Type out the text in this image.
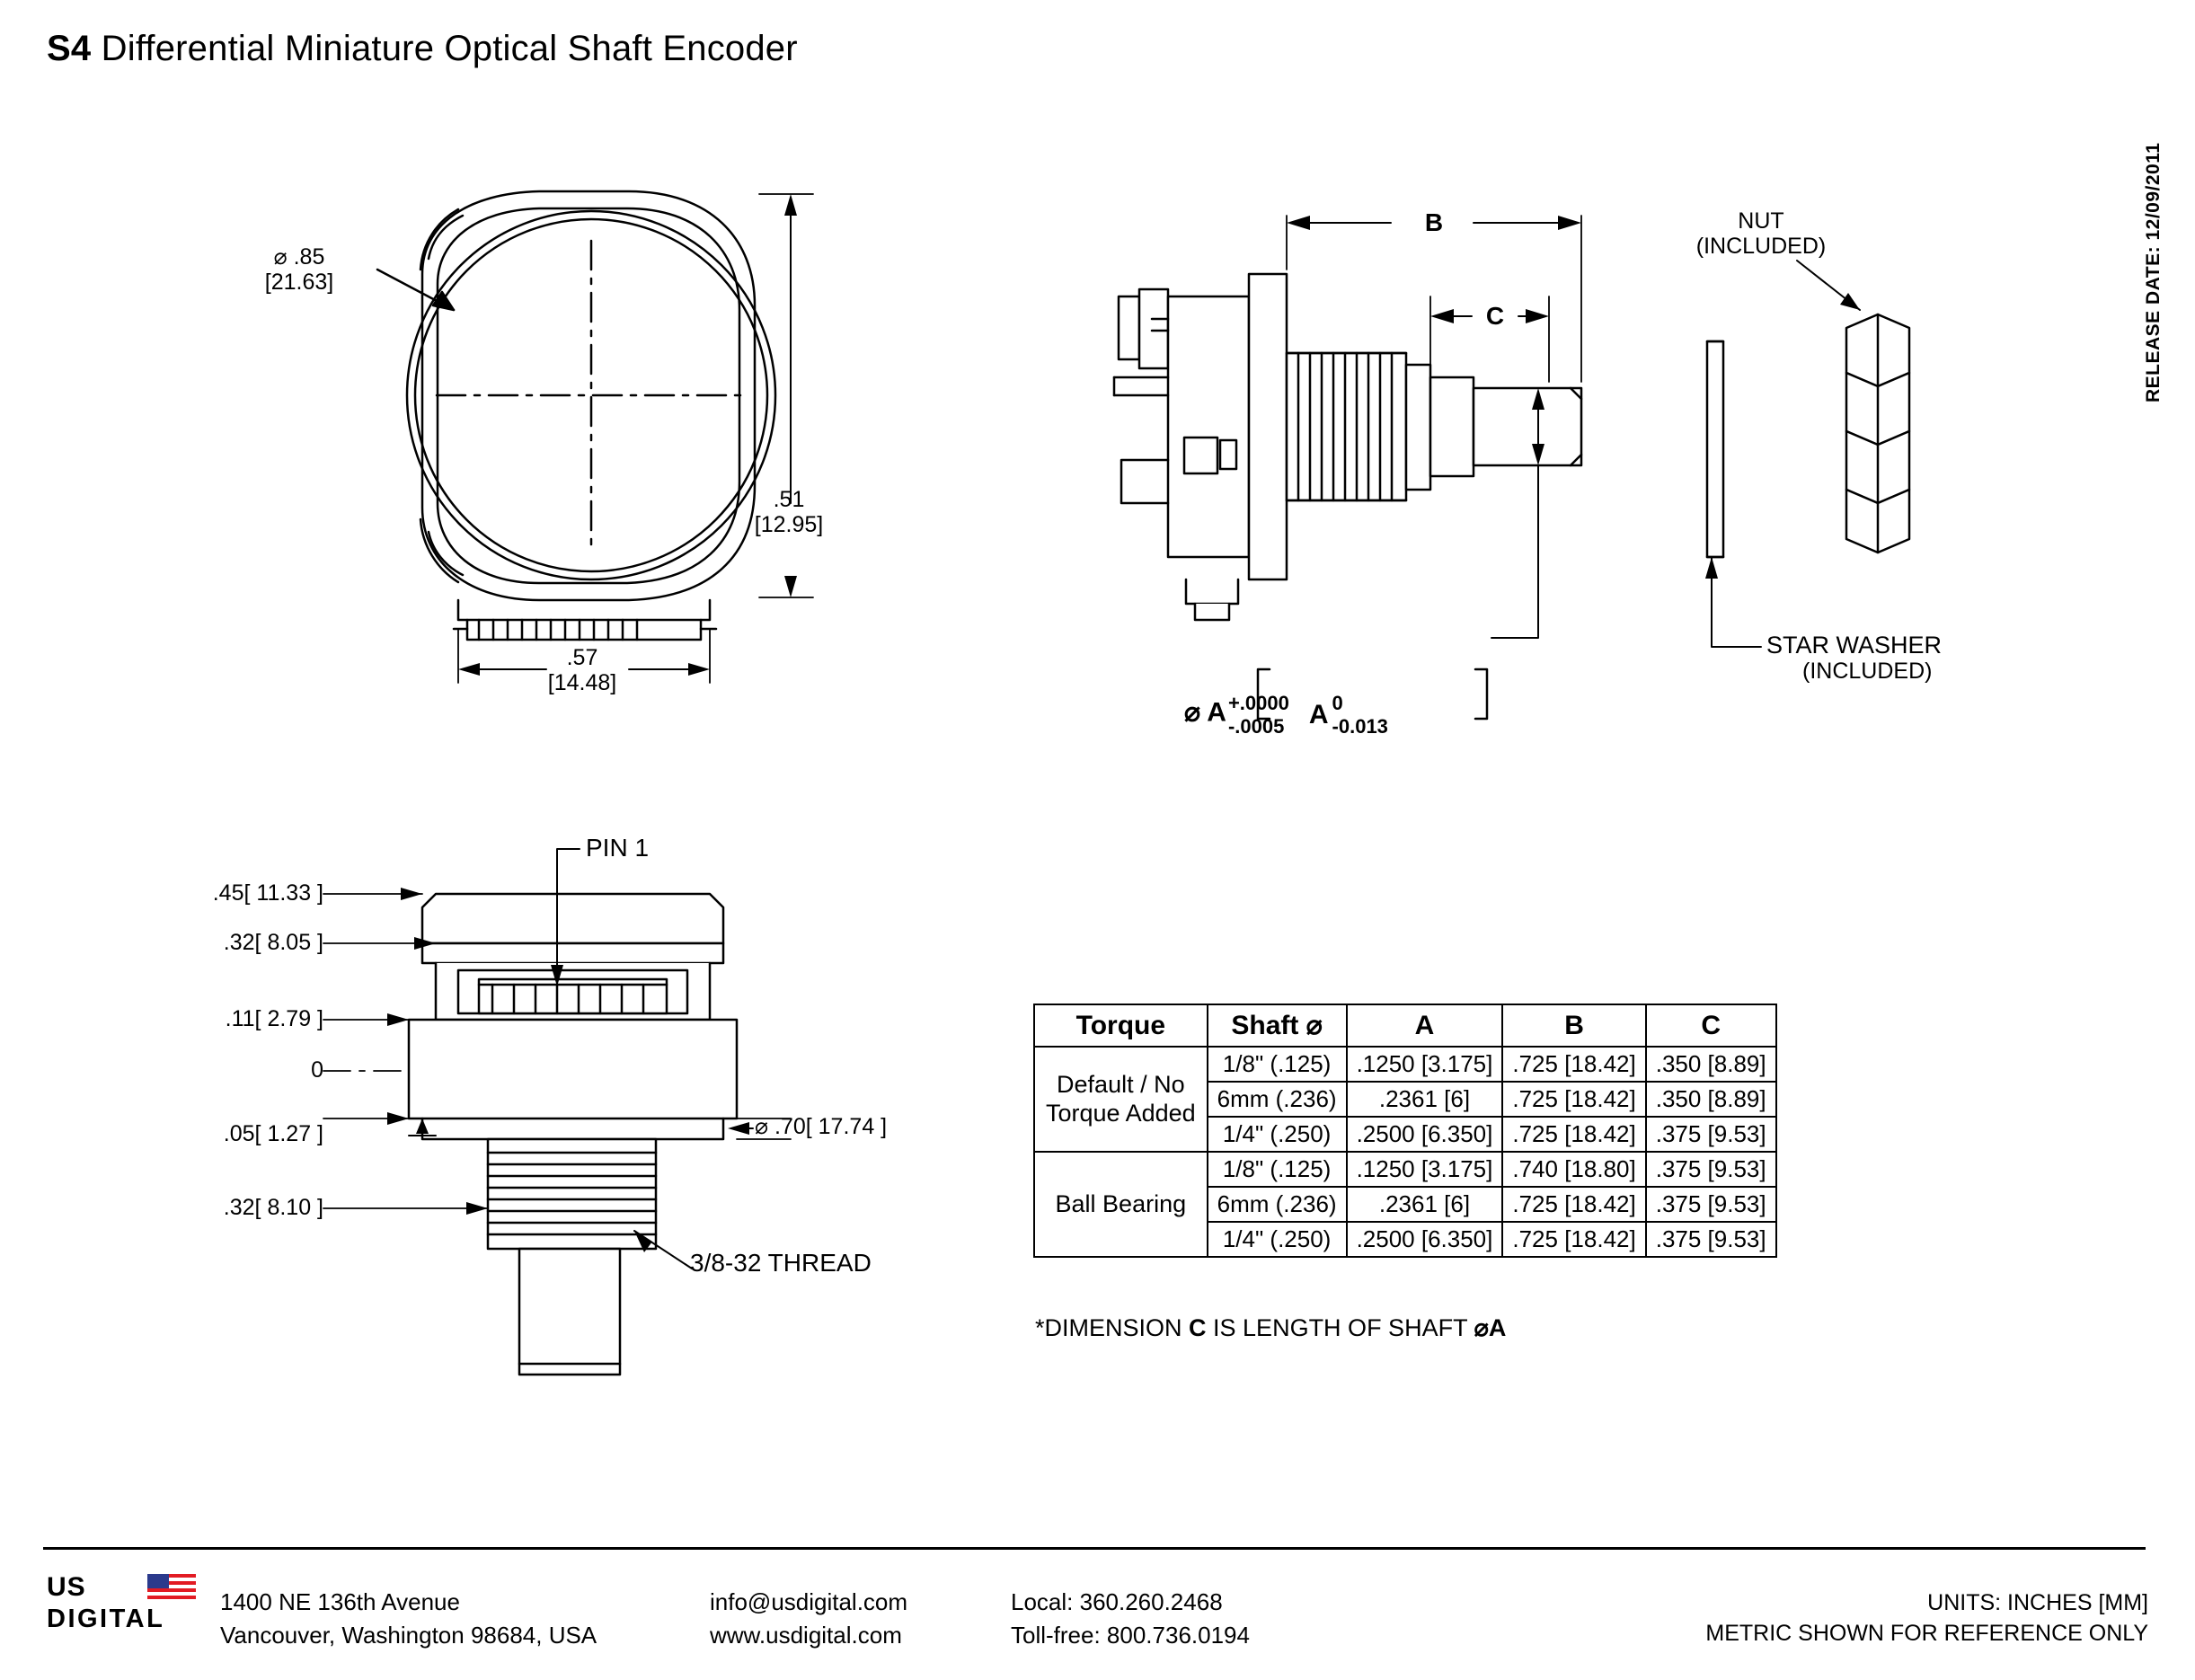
S4 Differential Miniature Optical Shaft Encoder
RELEASE DATE: 12/09/2011
⌀ .85
[21.63]
.51
[12.95]
.57
[14.48]
B
C
⌀ A+.0000
-.0005 A 0
-0.013
NUT
(INCLUDED)
STAR WASHER
(INCLUDED)
PIN 1
.45[ 11.33 ]
.32[ 8.05 ]
.11[ 2.79 ]
0
.05[ 1.27 ]
.32[ 8.10 ]
⌀ .70[ 17.74 ]
3/8-32 THREAD
Torque	Shaft ⌀	A	B	C
Default / No
Torque Added	1/8" (.125)	.1250 [3.175]	.725 [18.42]	.350 [8.89]
	6mm (.236)	.2361 [6]	.725 [18.42]	.350 [8.89]
	1/4" (.250)	.2500 [6.350]	.725 [18.42]	.375 [9.53]
Ball Bearing	1/8" (.125)	.1250 [3.175]	.740 [18.80]	.375 [9.53]
	6mm (.236)	.2361 [6]	.725 [18.42]	.375 [9.53]
	1/4" (.250)	.2500 [6.350]	.725 [18.42]	.375 [9.53]
*DIMENSION C IS LENGTH OF SHAFT ⌀A
US
DIGITAL
1400 NE 136th Avenue
Vancouver, Washington 98684, USA
info@usdigital.com
www.usdigital.com
Local: 360.260.2468
Toll-free: 800.736.0194
UNITS: INCHES [MM]
METRIC SHOWN FOR REFERENCE ONLY
